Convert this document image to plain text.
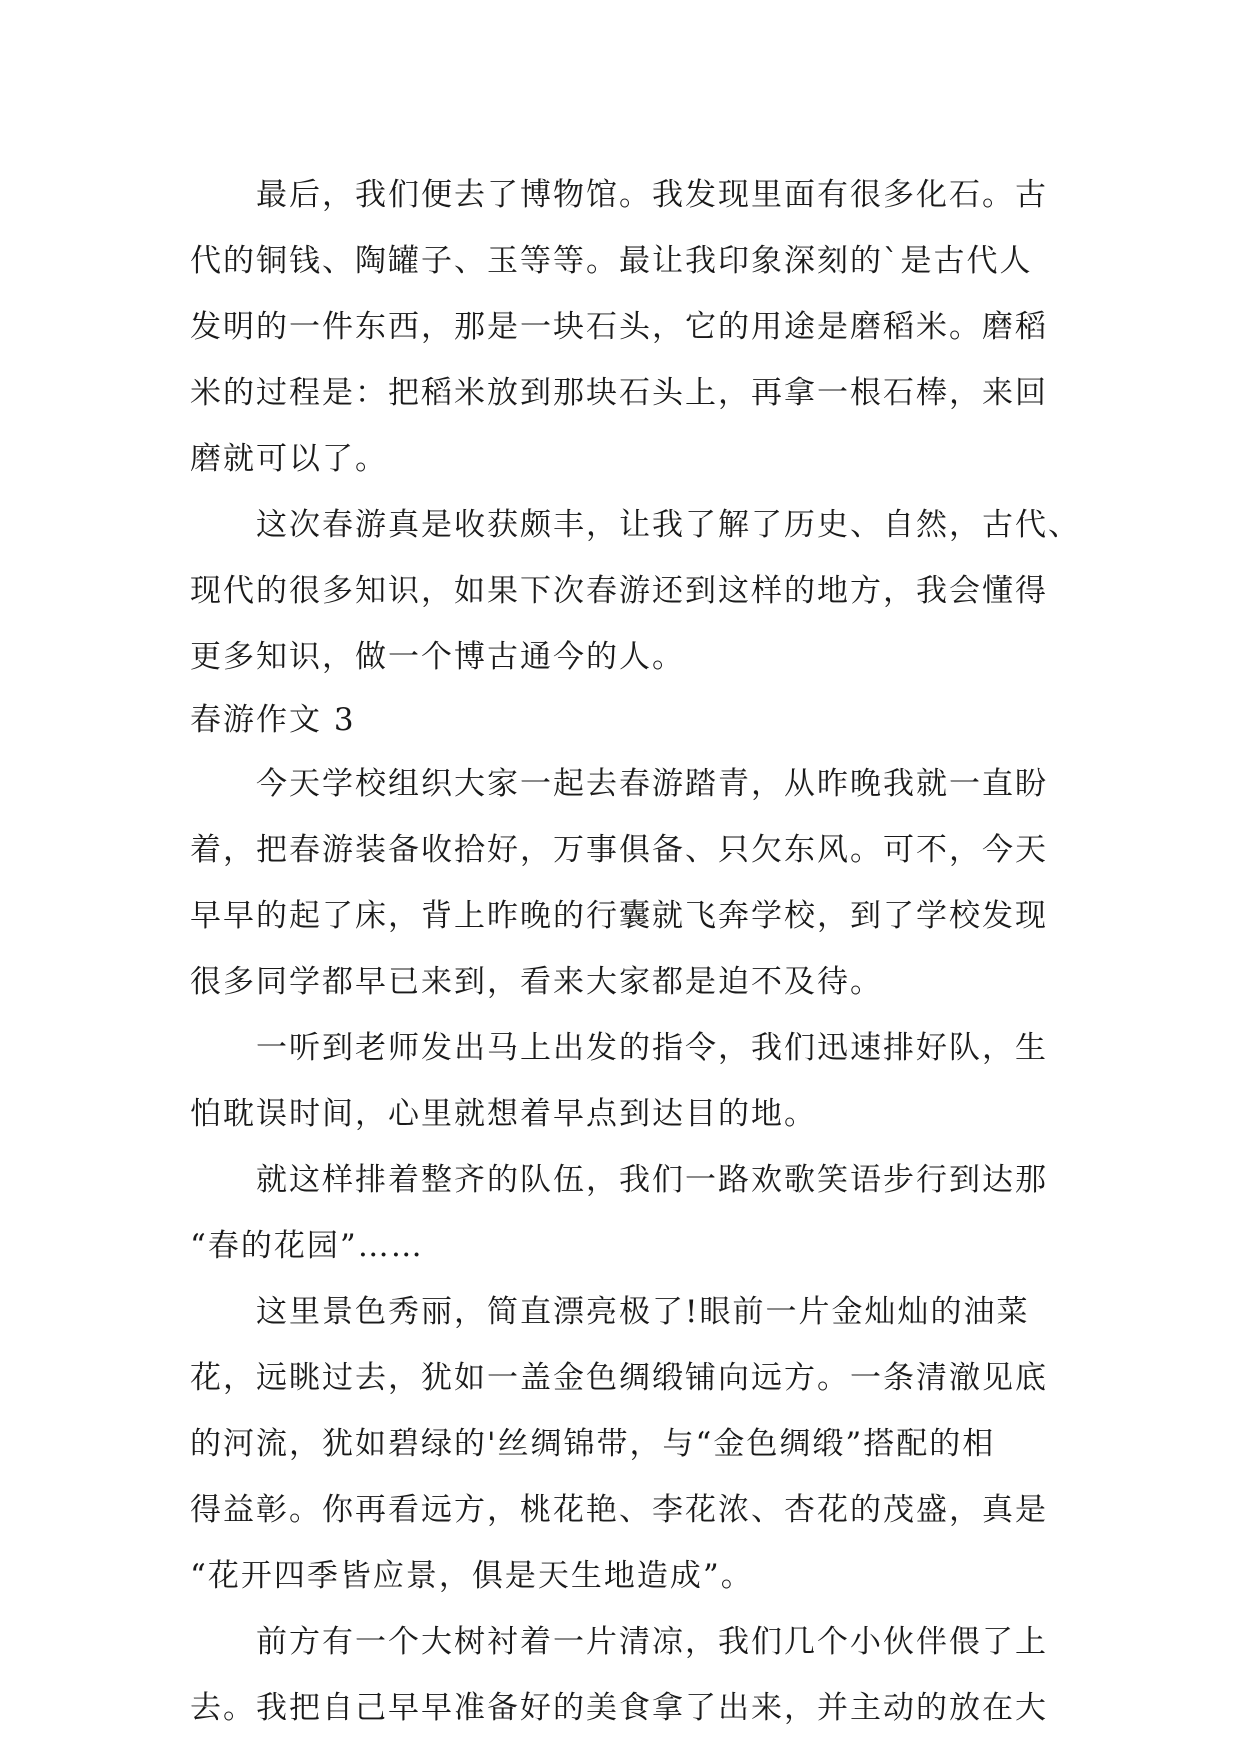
　　最后，我们便去了博物馆。我发现里面有很多化石。古
代的铜钱、陶罐子、玉等等。最让我印象深刻的`是古代人
发明的一件东西，那是一块石头，它的用途是磨稻米。磨稻
米的过程是：把稻米放到那块石头上，再拿一根石棒，来回
磨就可以了。
　　这次春游真是收获颇丰，让我了解了历史、自然，古代、
现代的很多知识，如果下次春游还到这样的地方，我会懂得
更多知识，做一个博古通今的人。
春游作文 3
　　今天学校组织大家一起去春游踏青，从昨晚我就一直盼
着，把春游装备收拾好，万事俱备、只欠东风。可不，今天
早早的起了床，背上昨晚的行囊就飞奔学校，到了学校发现
很多同学都早已来到，看来大家都是迫不及待。
　　一听到老师发出马上出发的指令，我们迅速排好队，生
怕耽误时间，心里就想着早点到达目的地。
　　就这样排着整齐的队伍，我们一路欢歌笑语步行到达那
“春的花园”……
　　这里景色秀丽，简直漂亮极了!眼前一片金灿灿的油菜
花，远眺过去，犹如一盖金色绸缎铺向远方。一条清澈见底
的河流，犹如碧绿的'丝绸锦带，与“金色绸缎”搭配的相
得益彰。你再看远方，桃花艳、李花浓、杏花的茂盛，真是
“花开四季皆应景，俱是天生地造成”。
　　前方有一个大树衬着一片清凉，我们几个小伙伴偎了上
去。我把自己早早准备好的美食拿了出来，并主动的放在大
